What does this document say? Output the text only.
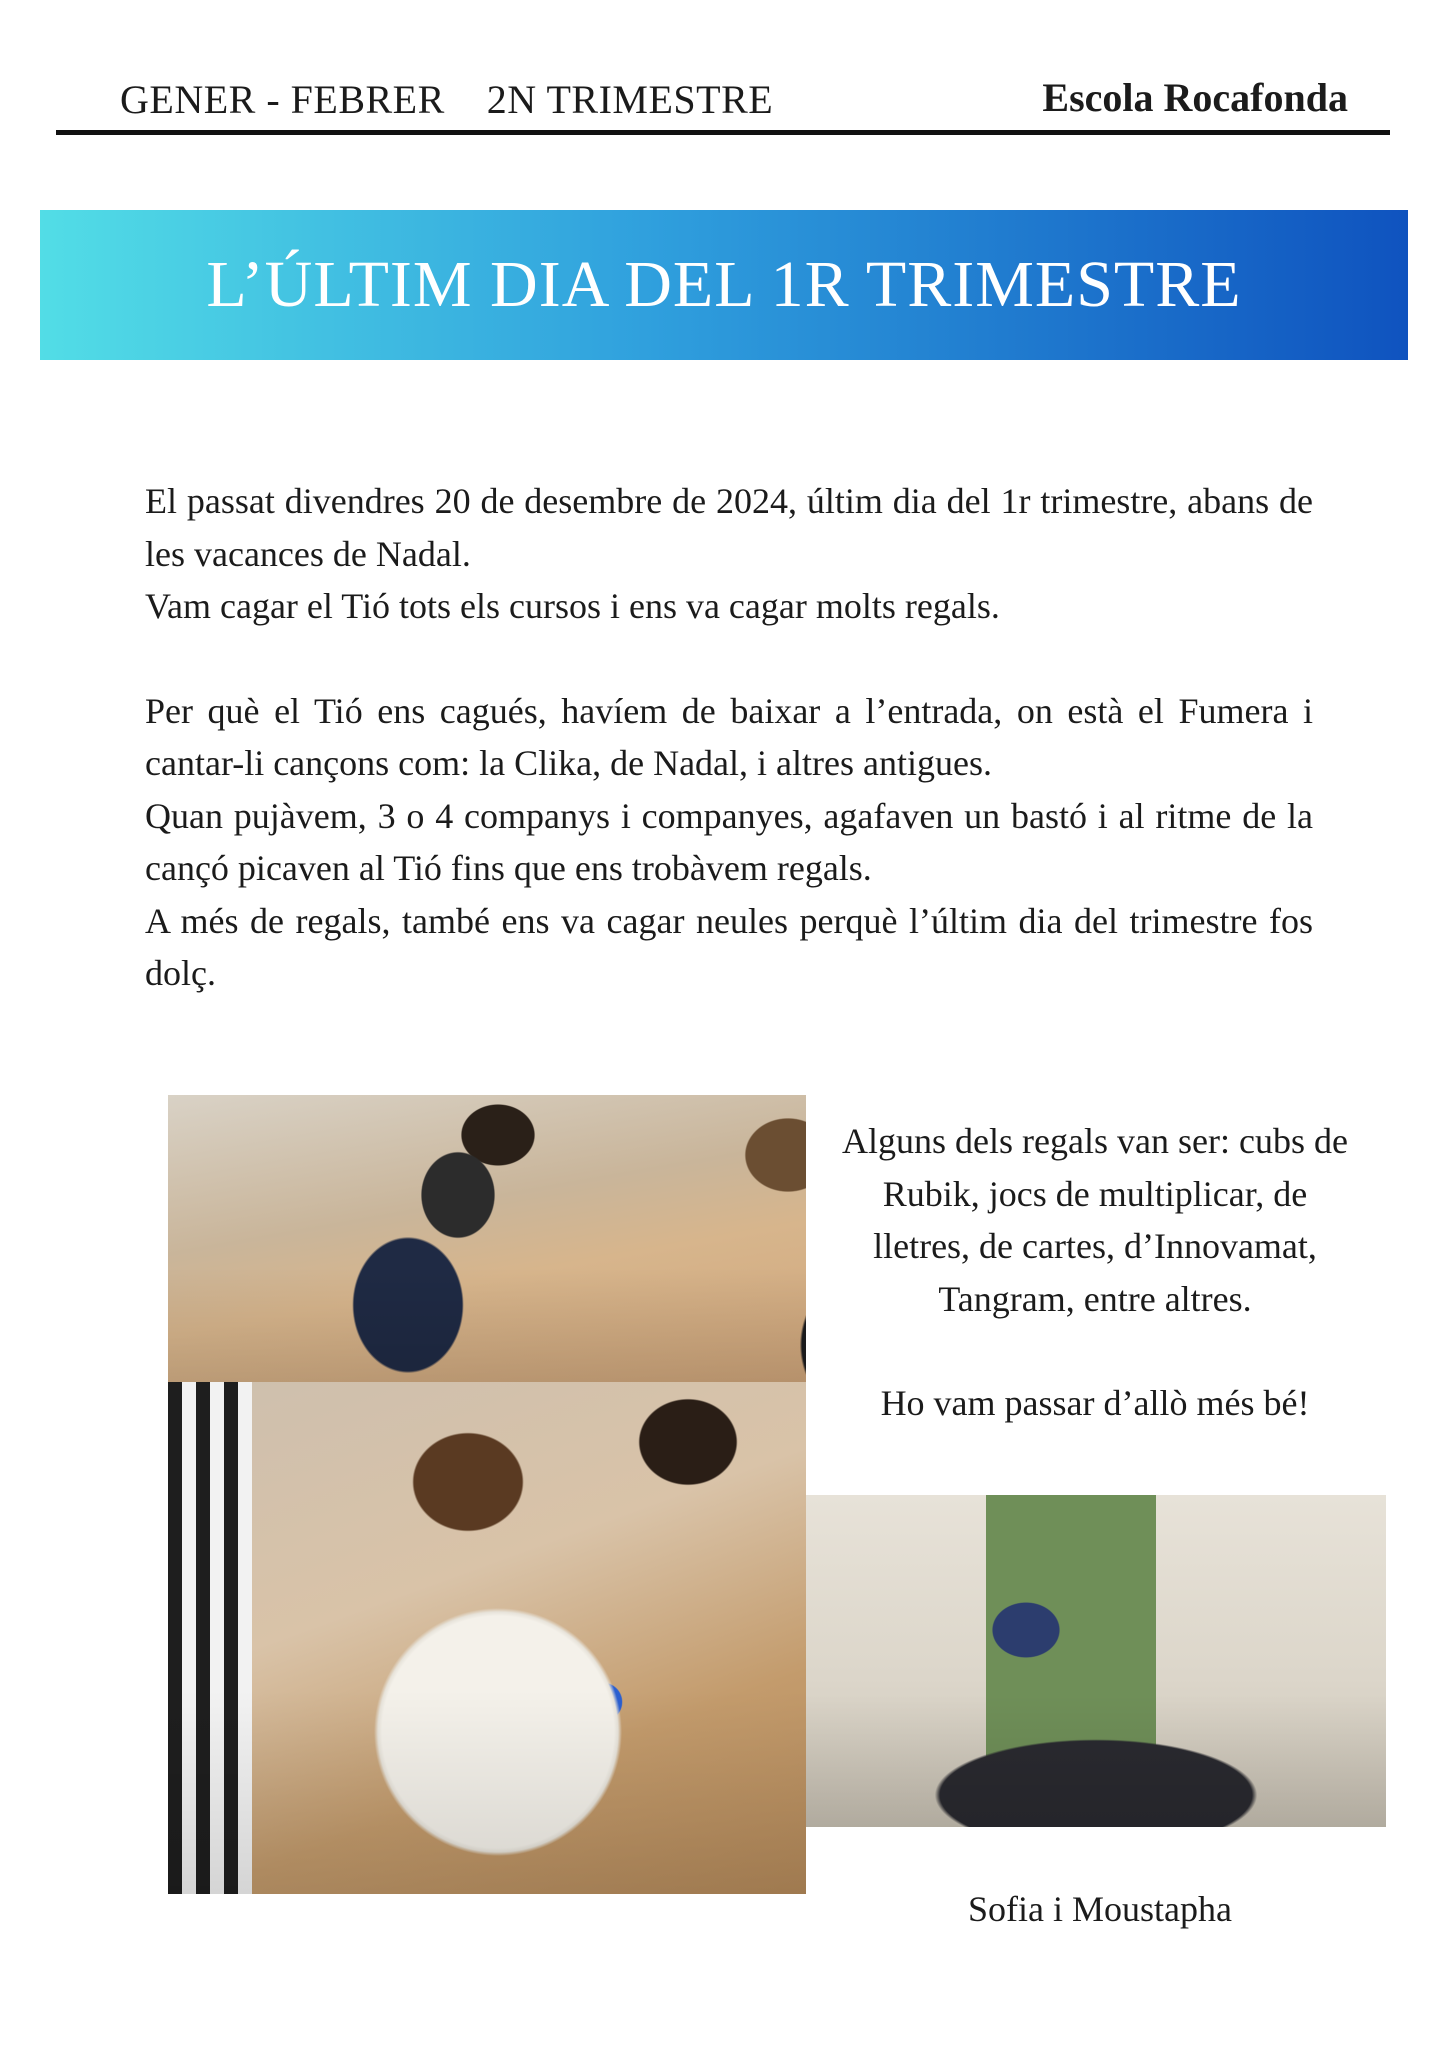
GENER - FEBRER    2N TRIMESTRE	Escola Rocafonda
L’ÚLTIM DIA DEL 1R TRIMESTRE

El passat divendres 20 de desembre de 2024, últim dia del 1r trimestre, abans de les vacances de Nadal.

Vam cagar el Tió tots els cursos i ens va cagar molts regals.

Per què el Tió ens cagués, havíem de baixar a l’entrada, on està el Fumera i cantar-li cançons com: la Clika, de Nadal, i altres antigues.

Quan pujàvem, 3 o 4 companys i companyes, agafaven un bastó i al ritme de la cançó picaven al Tió fins que ens trobàvem regals.

A més de regals, també ens va cagar neules perquè l’últim dia del trimestre fos dolç.

Alguns dels regals van ser: cubs de Rubik, jocs de multiplicar, de lletres, de cartes, d’Innovamat, Tangram, entre altres.

Ho vam passar d’allò més bé!

Sofia i Moustapha
